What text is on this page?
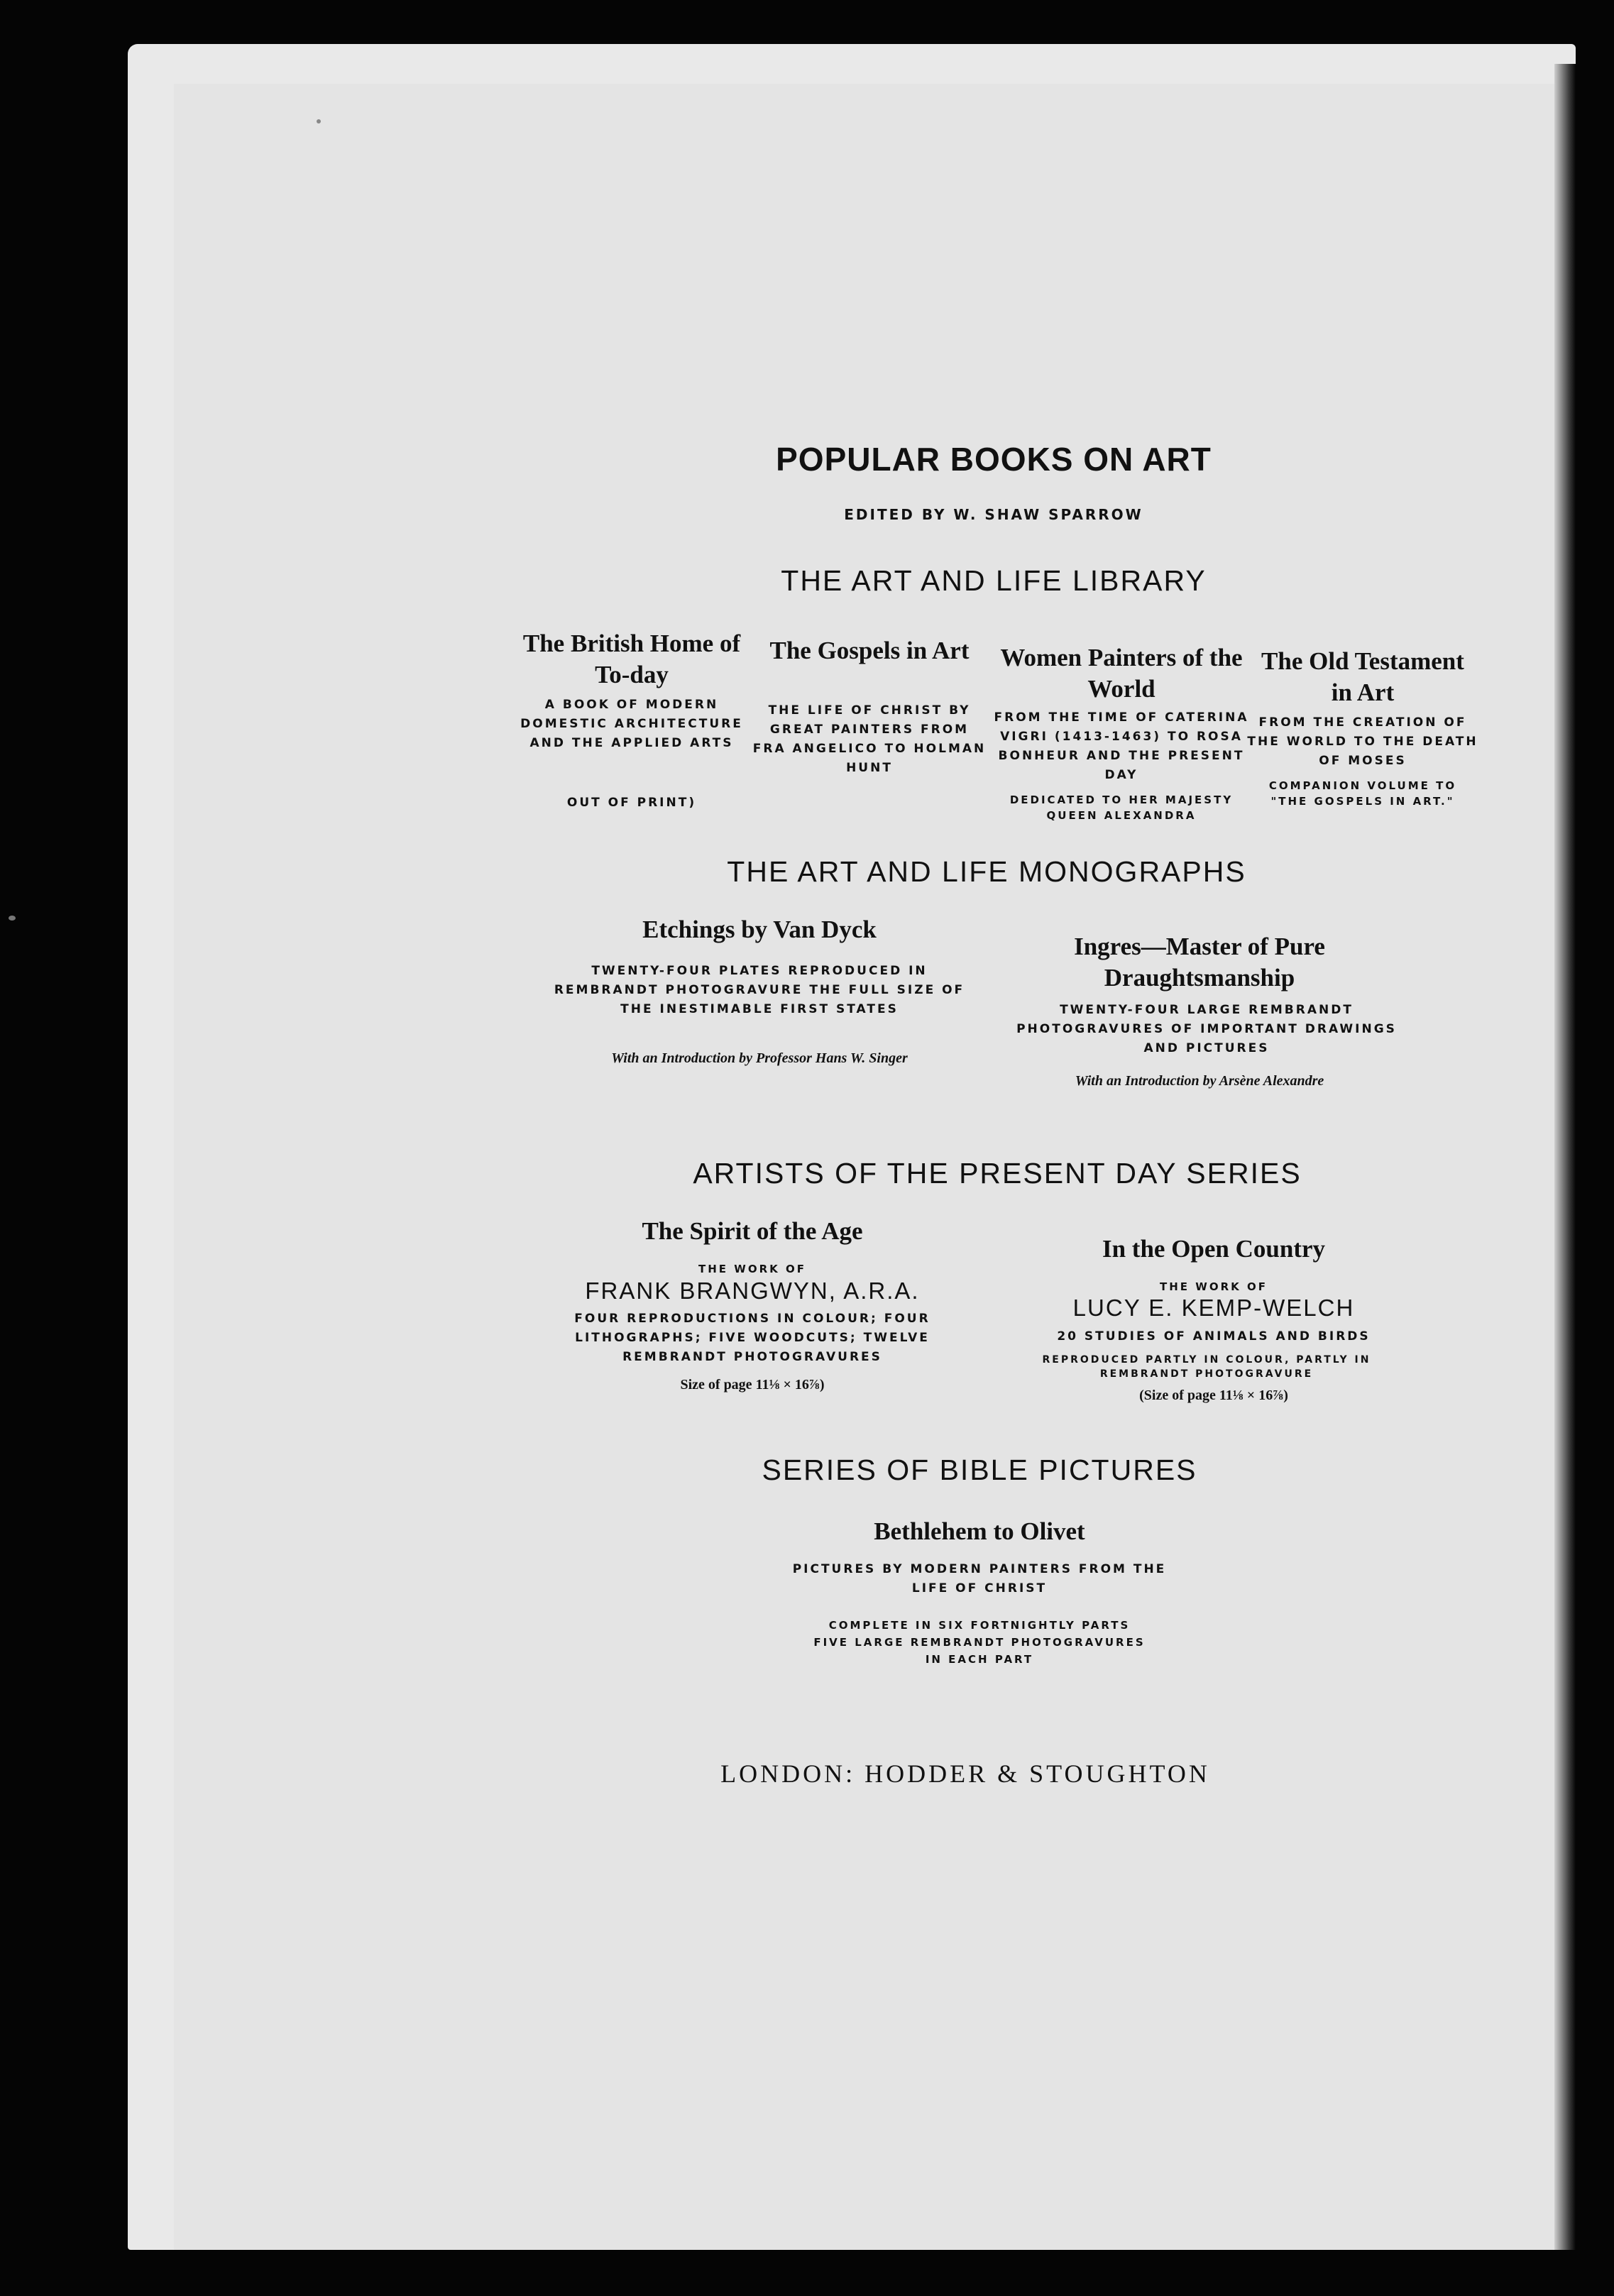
POPULAR BOOKS ON ART
EDITED BY W. SHAW SPARROW
THE ART AND LIFE LIBRARY
The British Home of To-day
A BOOK OF MODERN DOMESTIC ARCHITECTURE AND THE APPLIED ARTS
OUT OF PRINT)
The Gospels in Art
THE LIFE OF CHRIST BY GREAT PAINTERS FROM FRA ANGELICO TO HOLMAN HUNT
Women Painters of the World
FROM THE TIME OF CATERINA VIGRI (1413-1463) TO ROSA BONHEUR AND THE PRESENT DAY
DEDICATED TO HER MAJESTY QUEEN ALEXANDRA
The Old Testament in Art
FROM THE CREATION OF THE WORLD TO THE DEATH OF MOSES
COMPANION VOLUME TO "THE GOSPELS IN ART."
THE ART AND LIFE MONOGRAPHS
Etchings by Van Dyck
TWENTY-FOUR PLATES REPRODUCED IN REMBRANDT PHOTOGRAVURE THE FULL SIZE OF THE INESTIMABLE FIRST STATES
With an Introduction by Professor Hans W. Singer
Ingres—Master of Pure Draughtsmanship
TWENTY-FOUR LARGE REMBRANDT PHOTOGRAVURES OF IMPORTANT DRAWINGS AND PICTURES
With an Introduction by Arsène Alexandre
ARTISTS OF THE PRESENT DAY SERIES
The Spirit of the Age
THE WORK OF
FRANK BRANGWYN, A.R.A.
FOUR REPRODUCTIONS IN COLOUR; FOUR LITHOGRAPHS; FIVE WOODCUTS; TWELVE REMBRANDT PHOTOGRAVURES
Size of page 11⅛ × 16⅞)
In the Open Country
THE WORK OF
LUCY E. KEMP-WELCH
20 STUDIES OF ANIMALS AND BIRDS
REPRODUCED PARTLY IN COLOUR, PARTLY IN REMBRANDT PHOTOGRAVURE
(Size of page 11⅛ × 16⅞)
SERIES OF BIBLE PICTURES
Bethlehem to Olivet
PICTURES BY MODERN PAINTERS FROM THE LIFE OF CHRIST
COMPLETE IN SIX FORTNIGHTLY PARTS FIVE LARGE REMBRANDT PHOTOGRAVURES IN EACH PART
LONDON: HODDER & STOUGHTON
